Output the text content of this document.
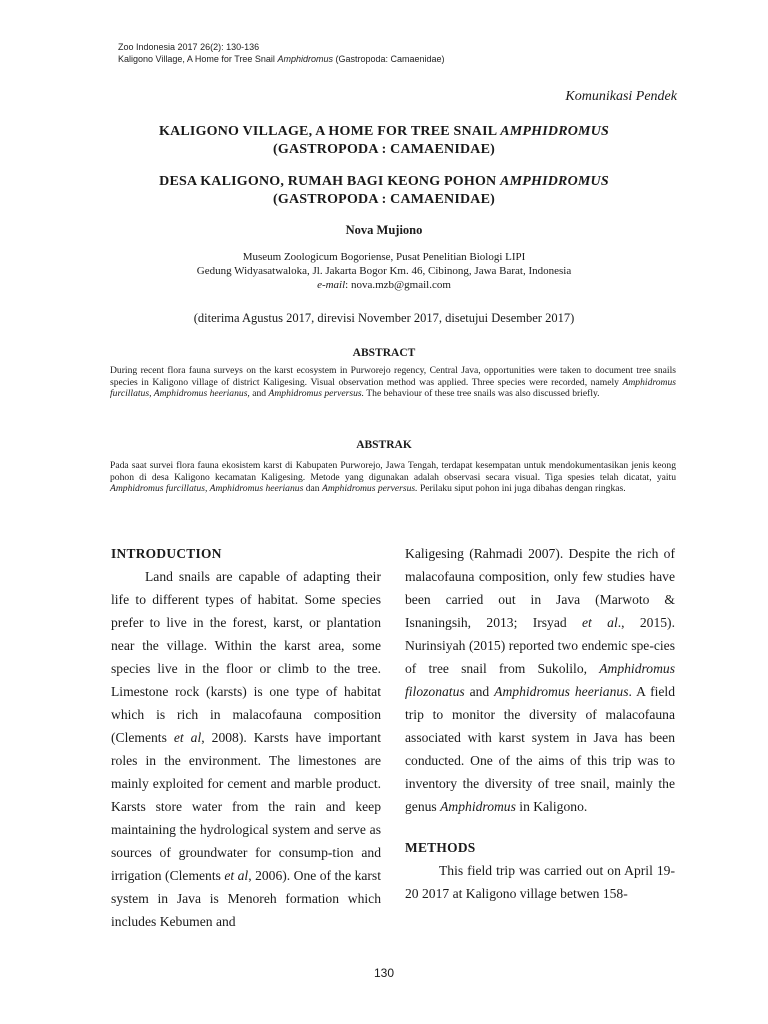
Zoo Indonesia 2017 26(2): 130-136
Kaligono Village, A Home for Tree Snail Amphidromus (Gastropoda: Camaenidae)
Komunikasi Pendek
KALIGONO VILLAGE, A HOME FOR TREE SNAIL AMPHIDROMUS
(GASTROPODA : CAMAENIDAE)
DESA KALIGONO, RUMAH BAGI KEONG POHON AMPHIDROMUS
(GASTROPODA : CAMAENIDAE)
Nova Mujiono
Museum Zoologicum Bogoriense, Pusat Penelitian Biologi LIPI
Gedung Widyasatwaloka, Jl. Jakarta Bogor Km. 46, Cibinong, Jawa Barat, Indonesia
e-mail: nova.mzb@gmail.com
(diterima Agustus 2017, direvisi November 2017, disetujui Desember 2017)
ABSTRACT
During recent flora fauna surveys on the karst ecosystem in Purworejo regency, Central Java, opportunities were taken to document tree snails species in Kaligono village of district Kaligesing. Visual observation method was applied. Three species were recorded, namely Amphidromus furcillatus, Amphidromus heerianus, and Amphidromus perversus. The behaviour of these tree snails was also discussed briefly.
ABSTRAK
Pada saat survei flora fauna ekosistem karst di Kabupaten Purworejo, Jawa Tengah, terdapat kesempatan untuk mendokumentasikan jenis keong pohon di desa Kaligono kecamatan Kaligesing. Metode yang digunakan adalah observasi secara visual. Tiga spesies telah dicatat, yaitu Amphidromus furcillatus, Amphidromus heerianus dan Amphidromus perversus. Perilaku siput pohon ini juga dibahas dengan ringkas.

INTRODUCTION

Land snails are capable of adapting their life to different types of habitat. Some species prefer to live in the forest, karst, or plantation near the village. Within the karst area, some species live in the floor or climb to the tree. Limestone rock (karsts) is one type of habitat which is rich in malacofauna composition (Clements et al, 2008). Karsts have important roles in the environment. The limestones are mainly exploited for cement and marble product. Karsts store water from the rain and keep maintaining the hydrological system and serve as sources of groundwater for consump-tion and irrigation (Clements et al, 2006). One of the karst system in Java is Menoreh formation which includes Kebumen and

Kaligesing (Rahmadi 2007). Despite the rich of malacofauna composition, only few studies have been carried out in Java (Marwoto & Isnaningsih, 2013; Irsyad et al., 2015). Nurinsiyah (2015) reported two endemic spe-cies of tree snail from Sukolilo, Amphidromus filozonatus and Amphidromus heerianus. A field trip to monitor the diversity of malacofauna associated with karst system in Java has been conducted. One of the aims of this trip was to inventory the diversity of tree snail, mainly the genus Amphidromus in Kaligono.

METHODS

This field trip was carried out on April 19-20 2017 at Kaligono village betwen 158-

130
